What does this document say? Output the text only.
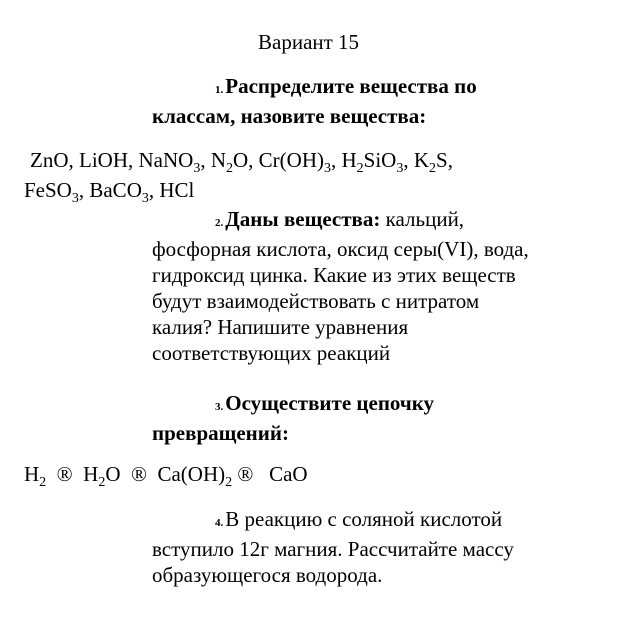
Вариант 15
1.Распределите вещества по
классам, назовите вещества:
ZnO, LiOH, NaNO$_3$, $N_2O$, $Cr(OH)_3$, $H_2SiO_3$, $K_2S$,
FeSO$_3$, BaCO$_3$, HCl
2.Даны вещества: кальций,
фосфорная кислота, оксид серы(VI), вода,
гидроксид цинка. Какие из этих веществ
будут взаимодействовать с нитратом
калия? Напишите уравнения
соответствующих реакций
3.Осуществите цепочку
превращений:
$H_2$ ® $H_2O$ ® $Ca(OH)_2$ ® CaO
4.В реакцию с соляной кислотой
вступило 12г магния. Рассчитайте массу
образующегося водорода.
